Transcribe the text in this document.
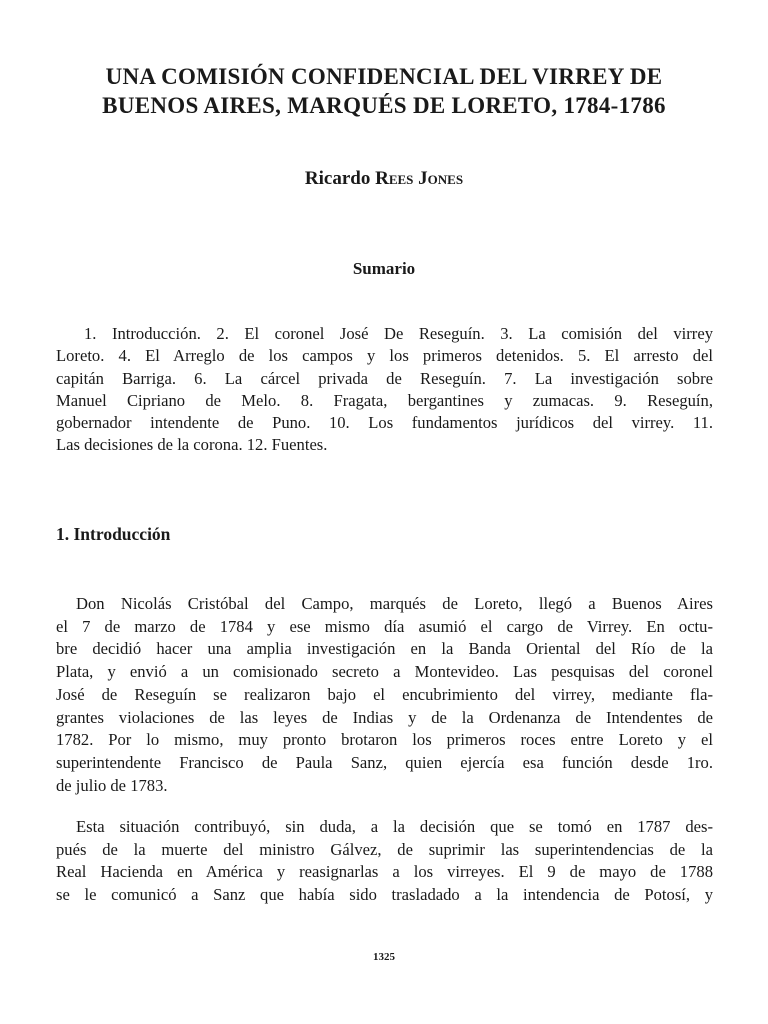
UNA COMISIÓN CONFIDENCIAL DEL VIRREY DE
BUENOS AIRES, MARQUÉS DE LORETO, 1784-1786
Ricardo Rees Jones
Sumario
1. Introducción. 2. El coronel José De Reseguín. 3. La comisión del virrey
Loreto. 4. El Arreglo de los campos y los primeros detenidos. 5. El arresto del
capitán Barriga. 6. La cárcel privada de Reseguín. 7. La investigación sobre
Manuel Cipriano de Melo. 8. Fragata, bergantines y zumacas. 9. Reseguín,
gobernador intendente de Puno. 10. Los fundamentos jurídicos del virrey. 11.
Las decisiones de la corona. 12. Fuentes.
1. Introducción
Don Nicolás Cristóbal del Campo, marqués de Loreto, llegó a Buenos Aires
el 7 de marzo de 1784 y ese mismo día asumió el cargo de Virrey. En octu-
bre decidió hacer una amplia investigación en la Banda Oriental del Río de la
Plata, y envió a un comisionado secreto a Montevideo. Las pesquisas del coronel
José de Reseguín se realizaron bajo el encubrimiento del virrey, mediante fla-
grantes violaciones de las leyes de Indias y de la Ordenanza de Intendentes de
1782. Por lo mismo, muy pronto brotaron los primeros roces entre Loreto y el
superintendente Francisco de Paula Sanz, quien ejercía esa función desde 1ro.
de julio de 1783.
Esta situación contribuyó, sin duda, a la decisión que se tomó en 1787 des-
pués de la muerte del ministro Gálvez, de suprimir las superintendencias de la
Real Hacienda en América y reasignarlas a los virreyes. El 9 de mayo de 1788
se le comunicó a Sanz que había sido trasladado a la intendencia de Potosí, y
1325
